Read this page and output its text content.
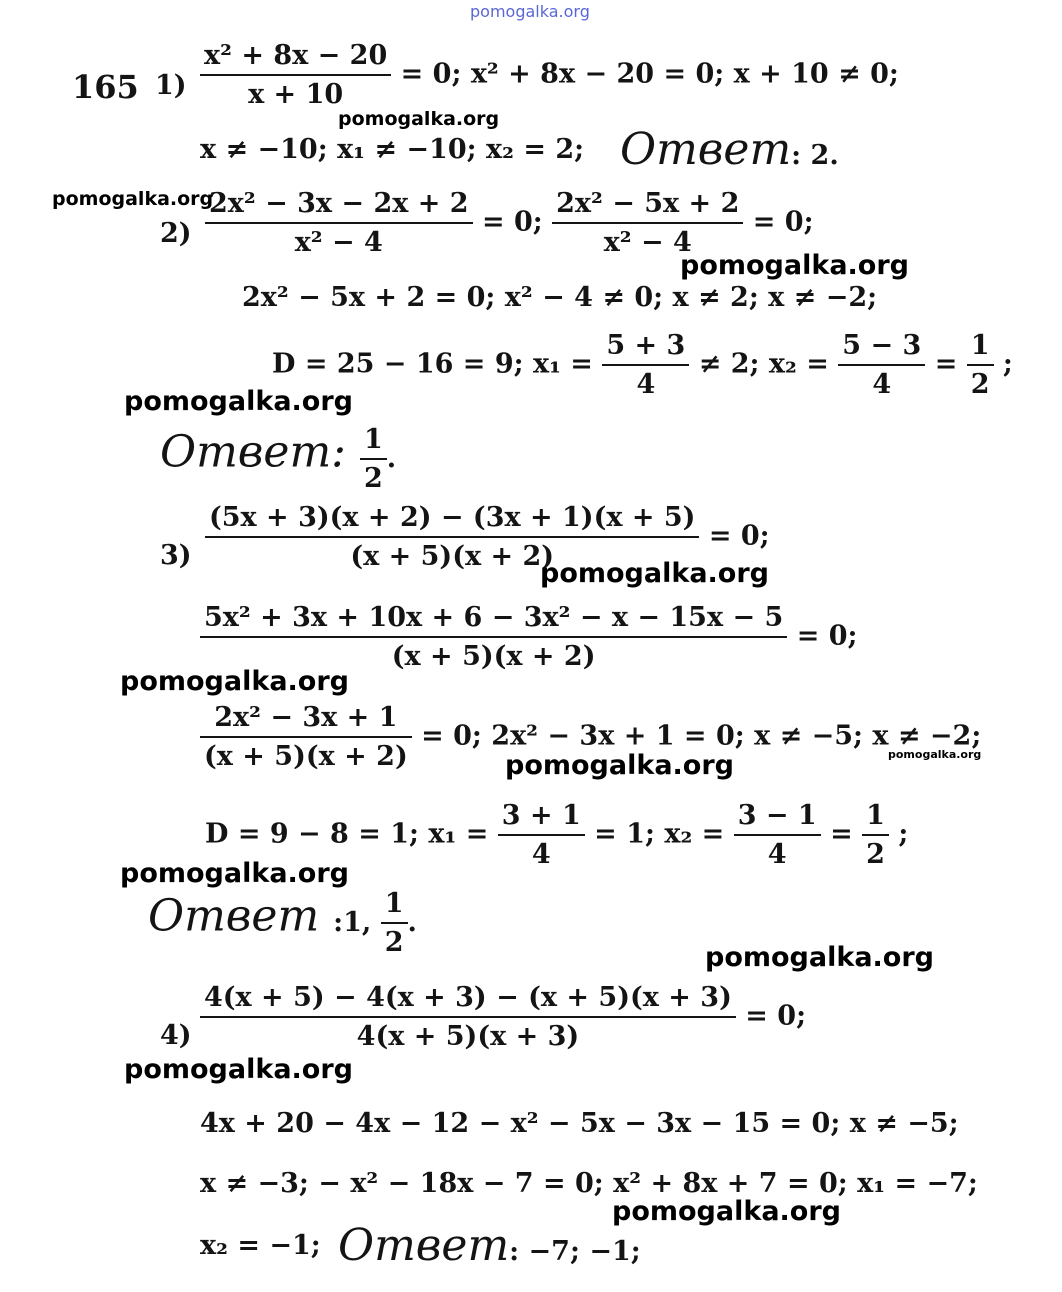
pomogalka.org
165 $1) \frac{\text{x² + 8x − 20}}{x + 10} = 0$; x² + 8x − 20 = 0; x + 10 ≠ 0;
x ≠ −10; x₁ ≠ −10; x₂ = 2; Ответ: 2.
$2) \frac{\text{2x² − 3x − 2x + 2}}{\text{x² − 4}} = 0$; $\frac{\text{2x² − 5x + 2}}{\text{x² − 4}} = 0$;
2x² − 5x + 2 = 0; x² − 4 ≠ 0; x ≠ 2; x ≠ −2;
D = 25 − 16 = 9; $x_1 = \frac{5 + 3}{4} \ne 2$; $x_2 = \frac{5 - 3}{4} = \frac{1}{2}$ ;
Ответ: $\frac{1}{2}$ .
$3) \frac{(5x + 3)(x + 2) - (3x + 1)(x + 5)}{(x + 5)(x + 2)} = 0$;
$\frac{\text{5x² + 3x + 10x + 6 − 3x² − x − 15x − 5}}{(x + 5)(x + 2)} = 0$;
$\frac{\text{2x² − 3x + 1}}{(x + 5)(x + 2)} = 0$; 2x² − 3x + 1 = 0; x ≠ −5; x ≠ −2;
D = 9 − 8 = 1; $x_1 = \frac{3 + 1}{4} = 1$; $x_2 = \frac{3 - 1}{4} = \frac{1}{2}$ ;
Ответ :1, $\frac{1}{2}$ .
$4) \frac{4(x + 5) - 4(x + 3) - (x + 5)(x + 3)}{4(x + 5)(x + 3)} = 0$;
4x + 20 − 4x − 12 − x² − 5x − 3x − 15 = 0; x ≠ −5;
x ≠ −3; − x² − 18x − 7 = 0; x² + 8x + 7 = 0; x₁ = −7;
x₂ = −1; Ответ: −7; −1;
pomogalka.org
pomogalka.org
pomogalka.org
pomogalka.org
pomogalka.org
pomogalka.org
pomogalka.org	pomogalka.org
pomogalka.org
pomogalka.org
pomogalka.org
pomogalka.org
